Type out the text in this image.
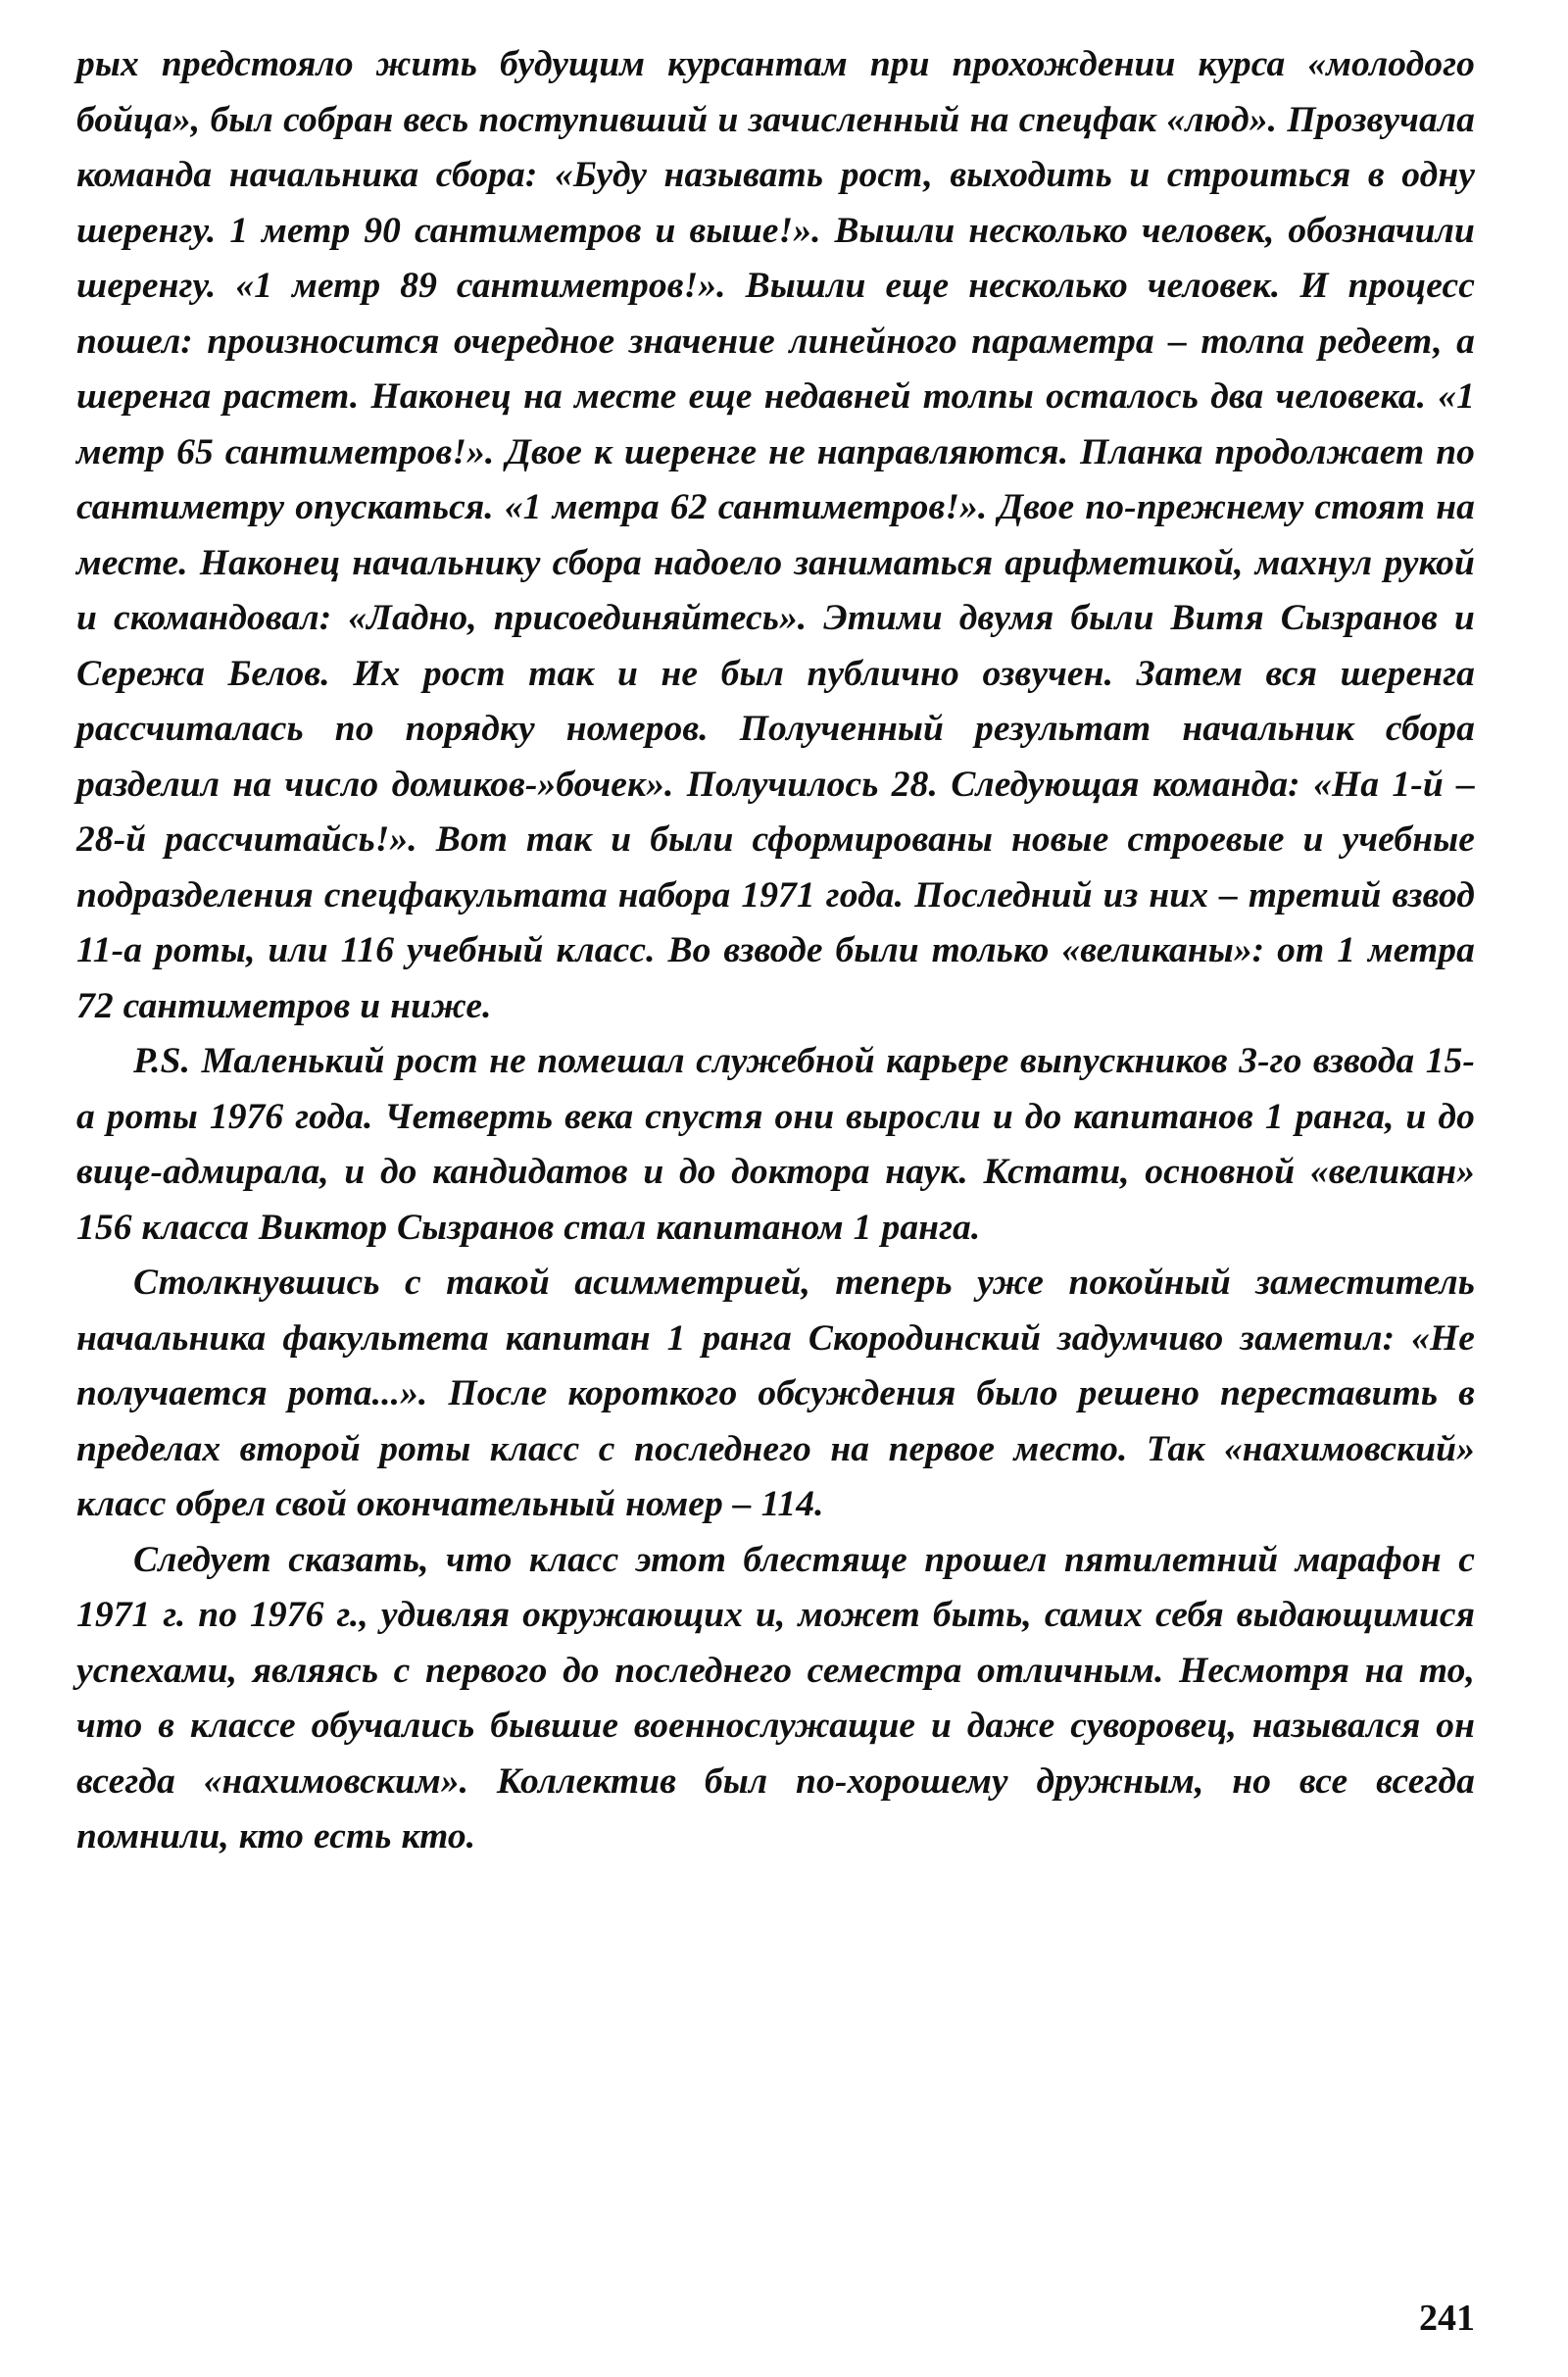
рых предстояло жить будущим курсантам при прохождении курса «молодого бойца», был собран весь поступивший и зачисленный на спецфак «люд». Прозвучала команда начальника сбора: «Буду называть рост, выходить и строиться в одну шеренгу. 1 метр 90 сантиметров и выше!». Вышли несколько человек, обозначили шеренгу. «1 метр 89 сантиметров!». Вышли еще несколько человек. И процесс пошел: произносится очередное значение линейного параметра – толпа редеет, а шеренга растет. Наконец на месте еще недавней толпы осталось два человека. «1 метр 65 сантиметров!». Двое к шеренге не направляются. Планка продолжает по сантиметру опускаться. «1 метра 62 сантиметров!». Двое по-прежнему стоят на месте. Наконец начальнику сбора надоело заниматься арифметикой, махнул рукой и скомандовал: «Ладно, присоединяйтесь». Этими двумя были Витя Сызранов и Сережа Белов. Их рост так и не был публично озвучен. Затем вся шеренга рассчиталась по порядку номеров. Полученный результат начальник сбора разделил на число домиков-»бочек». Получилось 28. Следующая команда: «На 1-й – 28-й рассчитайсь!». Вот так и были сформированы новые строевые и учебные подразделения спецфакультата набора 1971 года. Последний из них – третий взвод 11-а роты, или 116 учебный класс. Во взводе были только «великаны»: от 1 метра 72 сантиметров и ниже.

P.S. Маленький рост не помешал служебной карьере выпускников 3-го взвода 15-а роты 1976 года. Четверть века спустя они выросли и до капитанов 1 ранга, и до вице-адмирала, и до кандидатов и до доктора наук. Кстати, основной «великан» 156 класса Виктор Сызранов стал капитаном 1 ранга.

Столкнувшись с такой асимметрией, теперь уже покойный заместитель начальника факультета капитан 1 ранга Скородинский задумчиво заметил: «Не получается рота...». После короткого обсуждения было решено переставить в пределах второй роты класс с последнего на первое место. Так «нахимовский» класс обрел свой окончательный номер – 114.

Следует сказать, что класс этот блестяще прошел пятилетний марафон с 1971 г. по 1976 г., удивляя окружающих и, может быть, самих себя выдающимися успехами, являясь с первого до последнего семестра отличным. Несмотря на то, что в классе обучались бывшие военнослужащие и даже суворовец, назывался он всегда «нахимовским». Коллектив был по-хорошему дружным, но все всегда помнили, кто есть кто.

241
